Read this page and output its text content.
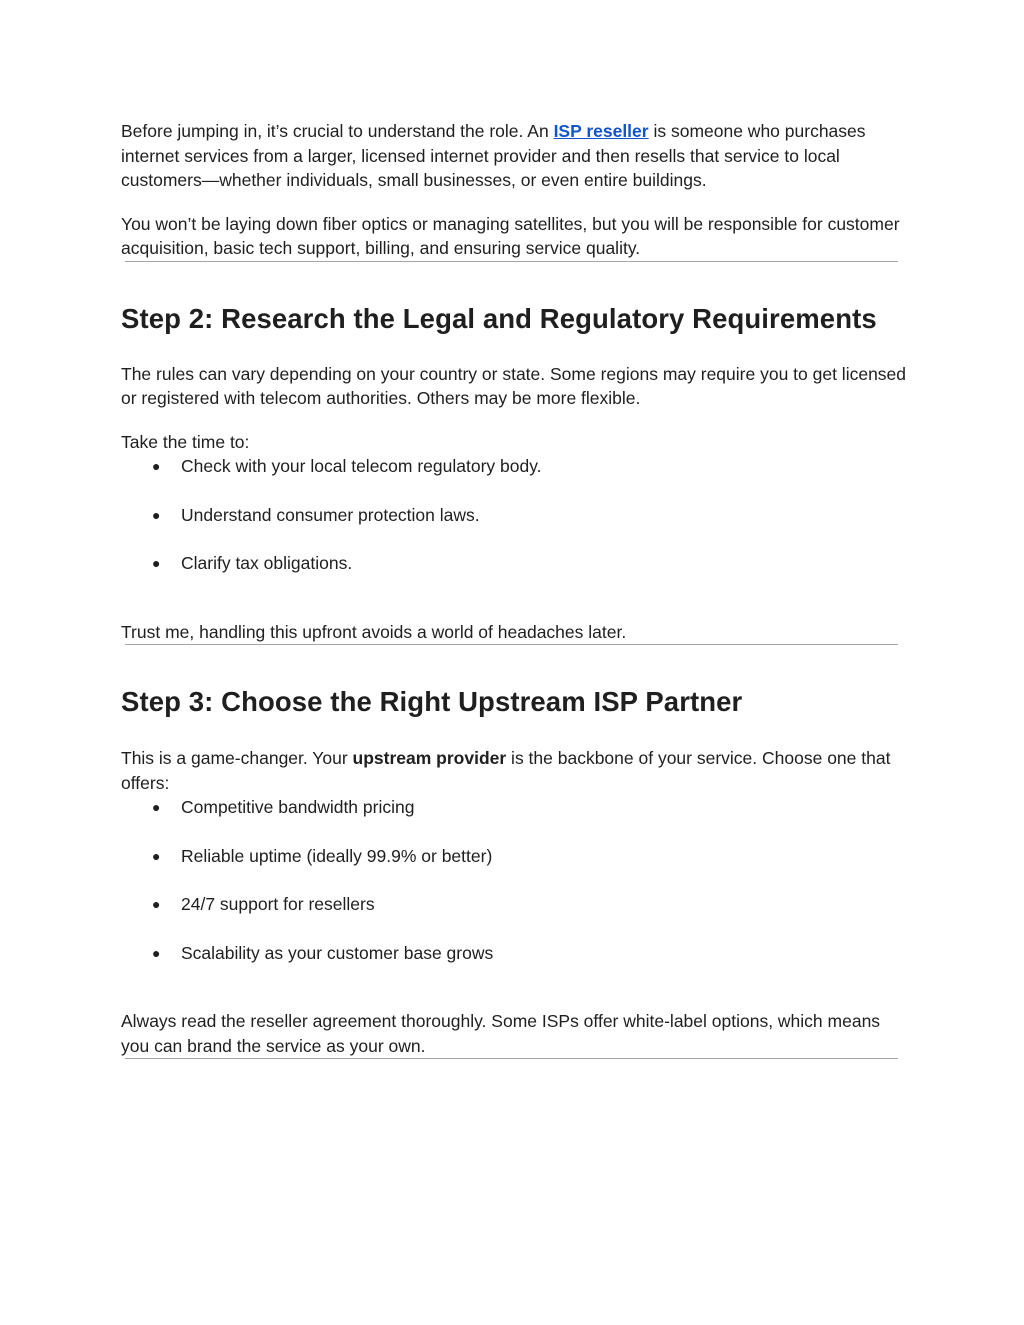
Before jumping in, it’s crucial to understand the role. An ISP reseller is someone who purchases internet services from a larger, licensed internet provider and then resells that service to local customers—whether individuals, small businesses, or even entire buildings.

You won’t be laying down fiber optics or managing satellites, but you will be responsible for customer acquisition, basic tech support, billing, and ensuring service quality.

Step 2: Research the Legal and Regulatory Requirements

The rules can vary depending on your country or state. Some regions may require you to get licensed or registered with telecom authorities. Others may be more flexible.

Take the time to:

● Check with your local telecom regulatory body.
● Understand consumer protection laws.
● Clarify tax obligations.

Trust me, handling this upfront avoids a world of headaches later.

Step 3: Choose the Right Upstream ISP Partner

This is a game-changer. Your upstream provider is the backbone of your service. Choose one that offers:

● Competitive bandwidth pricing
● Reliable uptime (ideally 99.9% or better)
● 24/7 support for resellers
● Scalability as your customer base grows

Always read the reseller agreement thoroughly. Some ISPs offer white-label options, which means you can brand the service as your own.
